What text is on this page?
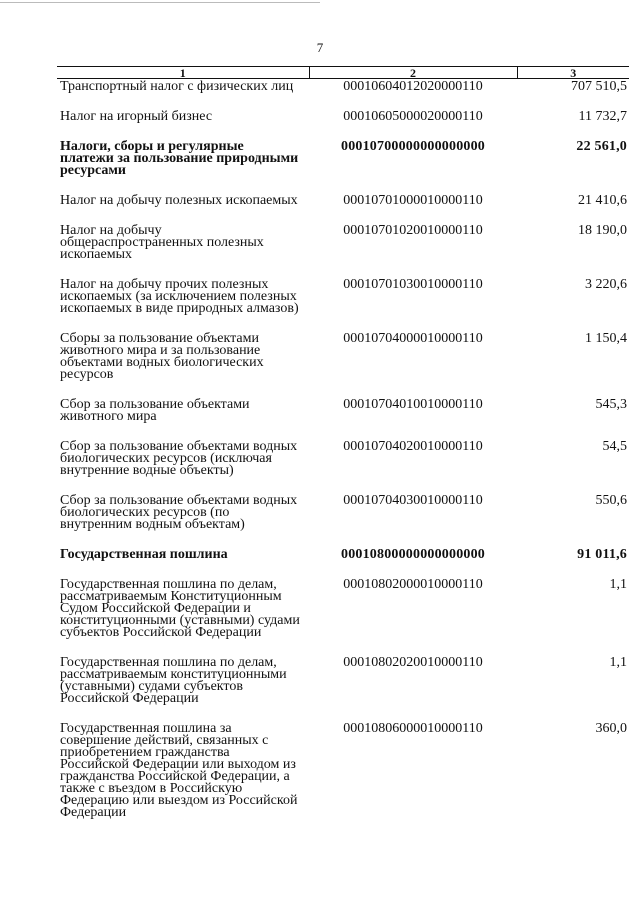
7
1	2	3
Транспортный налог с физических лиц	00010604012020000110	707 510,5
Налог на игорный бизнес	00010605000020000110	11 732,7
Налоги, сборы и регулярные платежи за пользование природными ресурсами	00010700000000000000	22 561,0
Налог на добычу полезных ископаемых	00010701000010000110	21 410,6
Налог на добычу общераспространенных полезных ископаемых	00010701020010000110	18 190,0
Налог на добычу прочих полезных ископаемых (за исключением полезных ископаемых в виде природных алмазов)	00010701030010000110	3 220,6
Сборы за пользование объектами животного мира и за пользование объектами водных биологических ресурсов	00010704000010000110	1 150,4
Сбор за пользование объектами животного мира	00010704010010000110	545,3
Сбор за пользование объектами водных биологических ресурсов (исключая внутренние водные объекты)	00010704020010000110	54,5
Сбор за пользование объектами водных биологических ресурсов (по внутренним водным объектам)	00010704030010000110	550,6
Государственная пошлина	00010800000000000000	91 011,6
Государственная пошлина по делам, рассматриваемым Конституционным Судом Российской Федерации и конституционными (уставными) судами субъектов Российской Федерации	00010802000010000110	1,1
Государственная пошлина по делам, рассматриваемым конституционными (уставными) судами субъектов Российской Федерации	00010802020010000110	1,1
Государственная пошлина за совершение действий, связанных с приобретением гражданства Российской Федерации или выходом из гражданства Российской Федерации, а также с въездом в Российскую Федерацию или выездом из Российской Федерации	00010806000010000110	360,0
